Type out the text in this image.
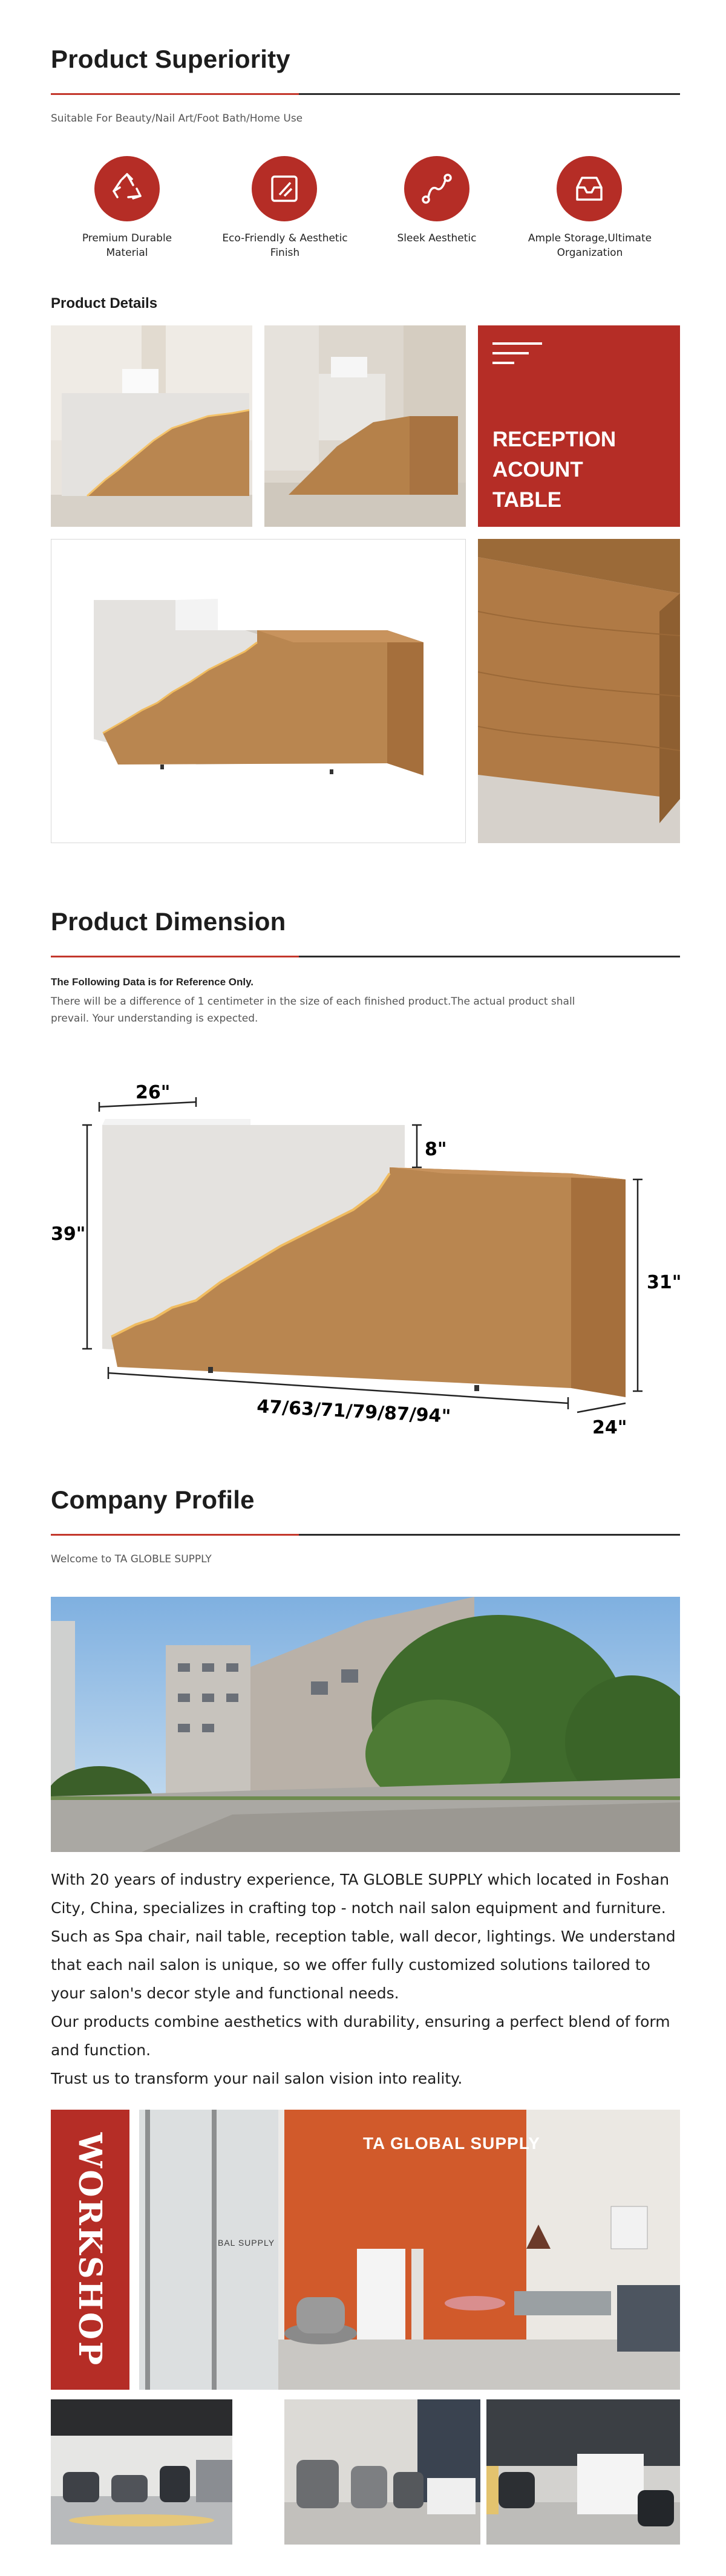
Product Superiority
Suitable For Beauty/Nail Art/Foot Bath/Home Use
Premium Durable
Material
Eco-Friendly & Aesthetic
Finish
Sleek Aesthetic	Ample Storage,Ultimate
Organization
Product Details
RECEPTION
ACOUNT
TABLE
Product Dimension
The Following Data is for Reference Only.
There will be a difference of 1 centimeter in the size of each finished product.The actual product shall
prevail. Your understanding is expected.
26"
8"
39"
31"
47/63/71/79/87/94"
24"
Company Profile
Welcome to TA GLOBLE SUPPLY
With 20 years of industry experience, TA GLOBLE SUPPLY which located in Foshan
City, China, specializes in crafting top - notch nail salon equipment and furniture.
Such as Spa chair, nail table, reception table, wall decor, lightings. We understand
that each nail salon is unique, so we offer fully customized solutions tailored to
your salon's decor style and functional needs.
Our products combine aesthetics with durability, ensuring a perfect blend of form
and function.
Trust us to transform your nail salon vision into reality.
WORKSHOP	TA GLOBAL SUPPLY
BAL SUPPLY
